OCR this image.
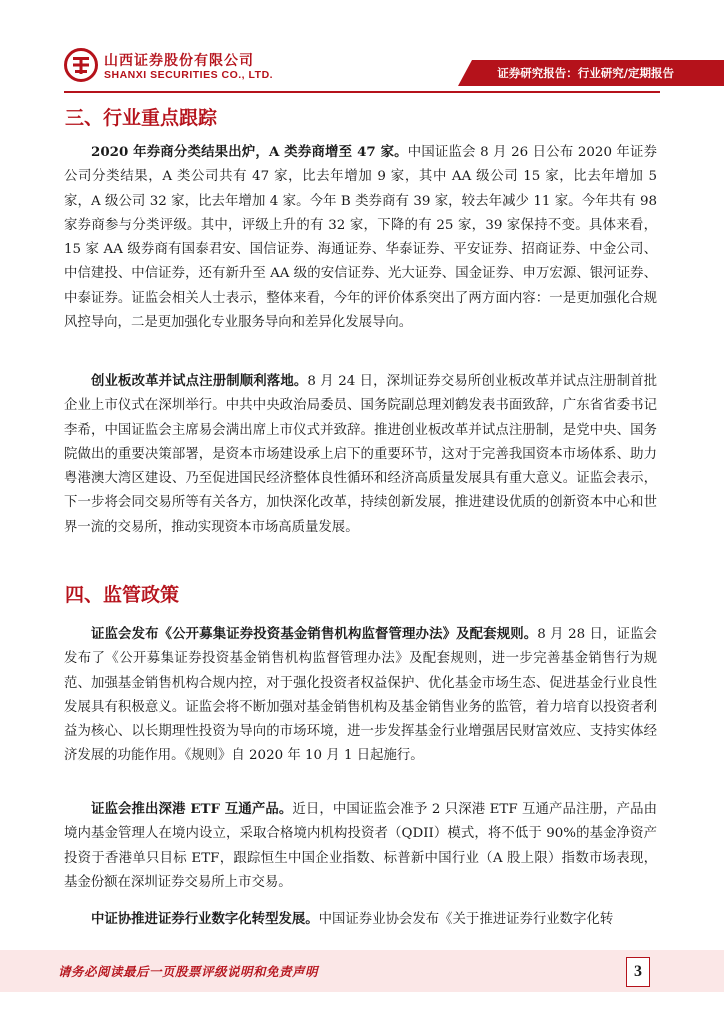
山西证券股份有限公司
SHANXI SECURITIES CO., LTD.	证券研究报告：行业研究/定期报告
三、行业重点跟踪

2020 年券商分类结果出炉，A 类券商增至 47 家。中国证监会 8 月 26 日公布 2020 年证券公司分类结果，A 类公司共有 47 家，比去年增加 9 家，其中 AA 级公司 15 家，比去年增加 5 家，A 级公司 32 家，比去年增加 4 家。今年 B 类券商有 39 家，较去年减少 11 家。今年共有 98 家券商参与分类评级。其中，评级上升的有 32 家，下降的有 25 家，39 家保持不变。具体来看，15 家 AA 级券商有国泰君安、国信证券、海通证券、华泰证券、平安证券、招商证券、中金公司、中信建投、中信证券，还有新升至 AA 级的安信证券、光大证券、国金证券、申万宏源、银河证券、中泰证券。证监会相关人士表示，整体来看，今年的评价体系突出了两方面内容：一是更加强化合规风控导向，二是更加强化专业服务导向和差异化发展导向。

创业板改革并试点注册制顺利落地。8 月 24 日，深圳证券交易所创业板改革并试点注册制首批企业上市仪式在深圳举行。中共中央政治局委员、国务院副总理刘鹤发表书面致辞，广东省省委书记李希，中国证监会主席易会满出席上市仪式并致辞。推进创业板改革并试点注册制，是党中央、国务院做出的重要决策部署，是资本市场建设承上启下的重要环节，这对于完善我国资本市场体系、助力粤港澳大湾区建设、乃至促进国民经济整体良性循环和经济高质量发展具有重大意义。证监会表示，下一步将会同交易所等有关各方，加快深化改革，持续创新发展，推进建设优质的创新资本中心和世界一流的交易所，推动实现资本市场高质量发展。

四、监管政策

证监会发布《公开募集证券投资基金销售机构监督管理办法》及配套规则。8 月 28 日，证监会发布了《公开募集证券投资基金销售机构监督管理办法》及配套规则，进一步完善基金销售行为规范、加强基金销售机构合规内控，对于强化投资者权益保护、优化基金市场生态、促进基金行业良性发展具有积极意义。证监会将不断加强对基金销售机构及基金销售业务的监管，着力培育以投资者利益为核心、以长期理性投资为导向的市场环境，进一步发挥基金行业增强居民财富效应、支持实体经济发展的功能作用。《规则》自 2020 年 10 月 1 日起施行。

证监会推出深港 ETF 互通产品。近日，中国证监会准予 2 只深港 ETF 互通产品注册，产品由境内基金管理人在境内设立，采取合格境内机构投资者（QDII）模式，将不低于 90%的基金净资产投资于香港单只目标 ETF，跟踪恒生中国企业指数、标普新中国行业（A 股上限）指数市场表现，基金份额在深圳证券交易所上市交易。

中证协推进证券行业数字化转型发展。中国证券业协会发布《关于推进证券行业数字化转

请务必阅读最后一页股票评级说明和免责声明	3
